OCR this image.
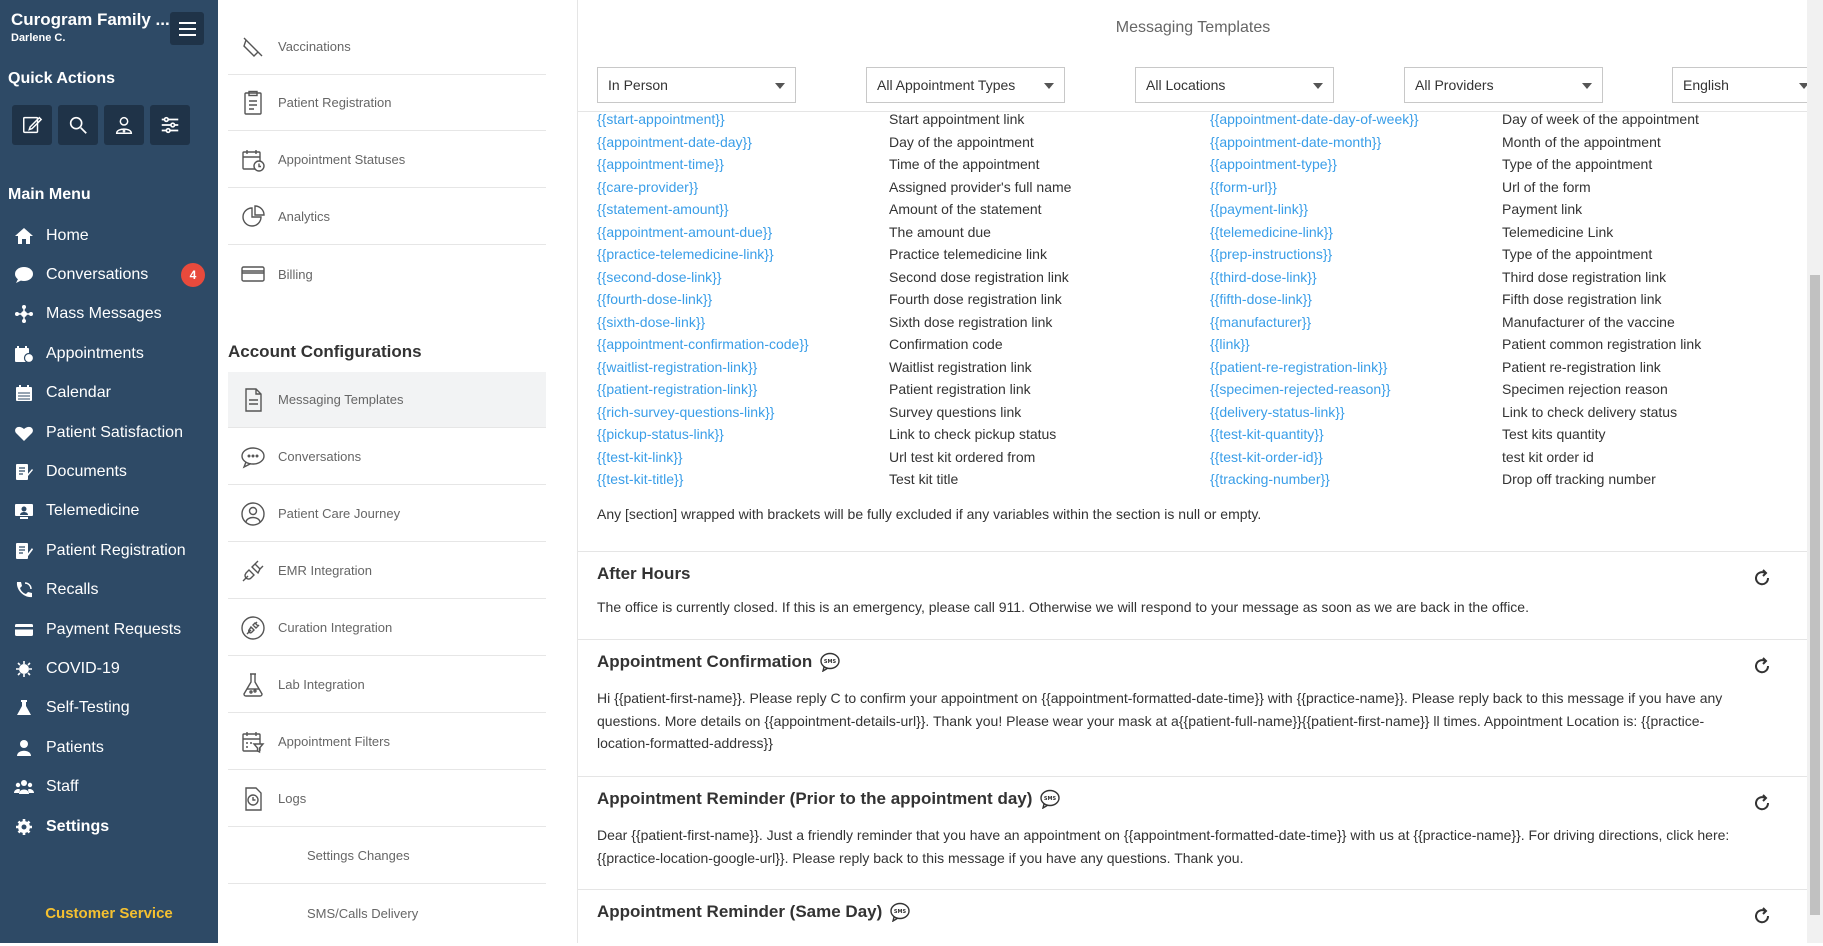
Curogram Family ...
Darlene C.
Quick Actions
Main Menu
Home
Conversations	4
Mass Messages
Appointments
Calendar
Patient Satisfaction
Documents
Telemedicine
Patient Registration
Recalls
Payment Requests
COVID-19
Self-Testing
Patients
Staff
Settings
Customer Service
Vaccinations
Patient Registration
Appointment Statuses
Analytics
Billing
Account Configurations
Messaging Templates
Conversations
Patient Care Journey
EMR Integration
Curation Integration
Lab Integration
Appointment Filters
Logs
Settings Changes
SMS/Calls Delivery
Messaging Templates
In Person	All Appointment Types	All Locations	All Providers	English
{{start-appointment}}	Start appointment link	{{appointment-date-day-of-week}}	Day of week of the appointment
{{appointment-date-day}}	Day of the appointment	{{appointment-date-month}}	Month of the appointment
{{appointment-time}}	Time of the appointment	{{appointment-type}}	Type of the appointment
{{care-provider}}	Assigned provider's full name	{{form-url}}	Url of the form
{{statement-amount}}	Amount of the statement	{{payment-link}}	Payment link
{{appointment-amount-due}}	The amount due	{{telemedicine-link}}	Telemedicine Link
{{practice-telemedicine-link}}	Practice telemedicine link	{{prep-instructions}}	Type of the appointment
{{second-dose-link}}	Second dose registration link	{{third-dose-link}}	Third dose registration link
{{fourth-dose-link}}	Fourth dose registration link	{{fifth-dose-link}}	Fifth dose registration link
{{sixth-dose-link}}	Sixth dose registration link	{{manufacturer}}	Manufacturer of the vaccine
{{appointment-confirmation-code}}	Confirmation code	{{link}}	Patient common registration link
{{waitlist-registration-link}}	Waitlist registration link	{{patient-re-registration-link}}	Patient re-registration link
{{patient-registration-link}}	Patient registration link	{{specimen-rejected-reason}}	Specimen rejection reason
{{rich-survey-questions-link}}	Survey questions link	{{delivery-status-link}}	Link to check delivery status
{{pickup-status-link}}	Link to check pickup status	{{test-kit-quantity}}	Test kits quantity
{{test-kit-link}}	Url test kit ordered from	{{test-kit-order-id}}	test kit order id
{{test-kit-title}}	Test kit title	{{tracking-number}}	Drop off tracking number
Any [section] wrapped with brackets will be fully excluded if any variables within the section is null or empty.
After Hours
The office is currently closed. If this is an emergency, please call 911. Otherwise we will respond to your message as soon as we are back in the office.
Appointment Confirmation SMS
Hi {{patient-first-name}}. Please reply C to confirm your appointment on {{appointment-formatted-date-time}} with {{practice-name}}. Please reply back to this message if you have any questions. More details on {{appointment-details-url}}. Thank you! Please wear your mask at a{{patient-full-name}}{{patient-first-name}} ll times. Appointment Location is: {{practice-location-formatted-address}}
Appointment Reminder (Prior to the appointment day) SMS
Dear {{patient-first-name}}. Just a friendly reminder that you have an appointment on {{appointment-formatted-date-time}} with us at {{practice-name}}. For driving directions, click here: {{practice-location-google-url}}. Please reply back to this message if you have any questions. Thank you.
Appointment Reminder (Same Day) SMS
